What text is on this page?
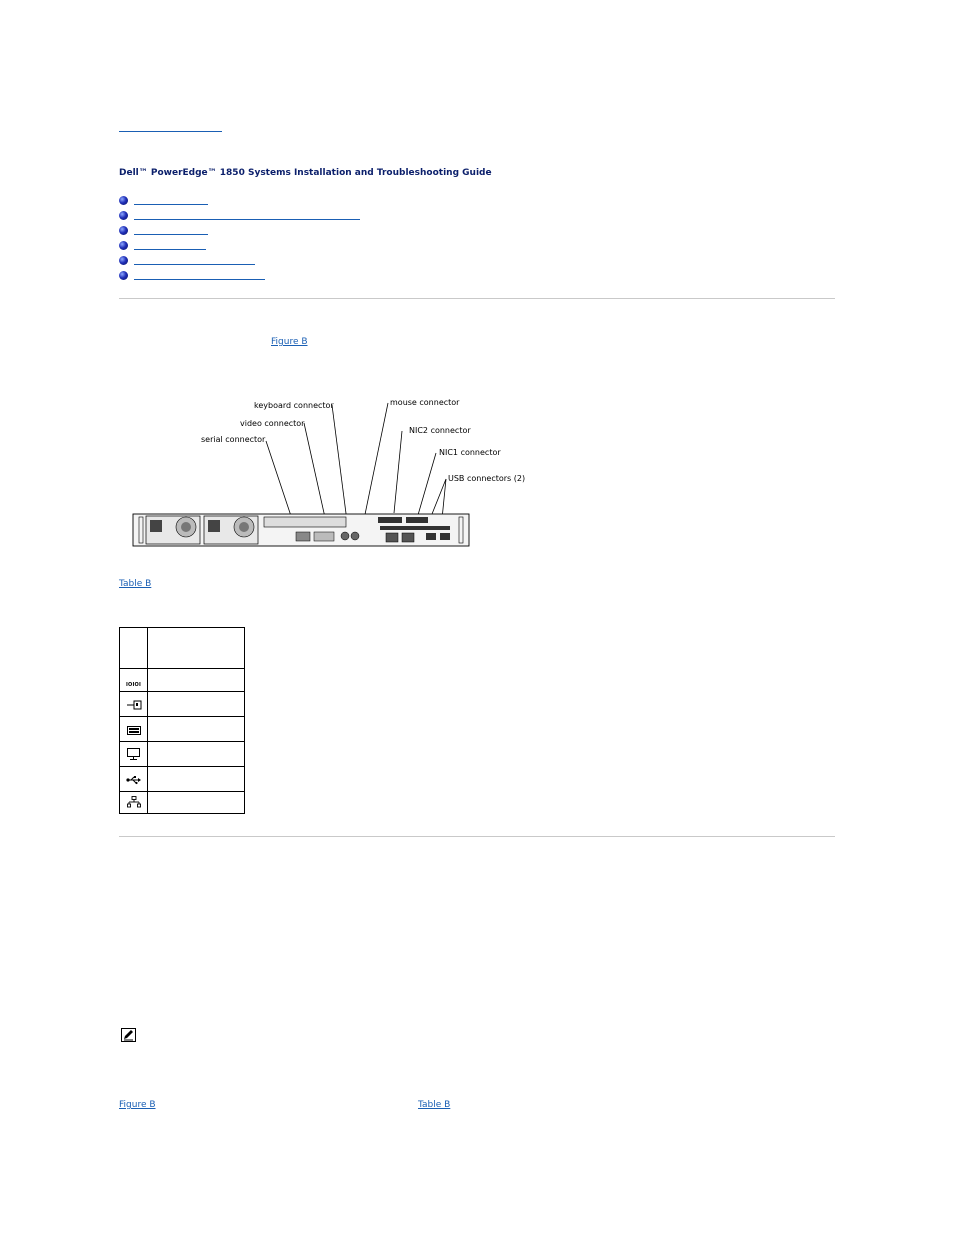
Dell™ PowerEdge™ 1850 Systems Installation and Troubleshooting Guide
Figure B
keyboard connector	mouse connector
video connector
NIC2 connector
serial connector
NIC1 connector
USB connectors (2)
Table B

IOIOI	

Figure B	Table B
